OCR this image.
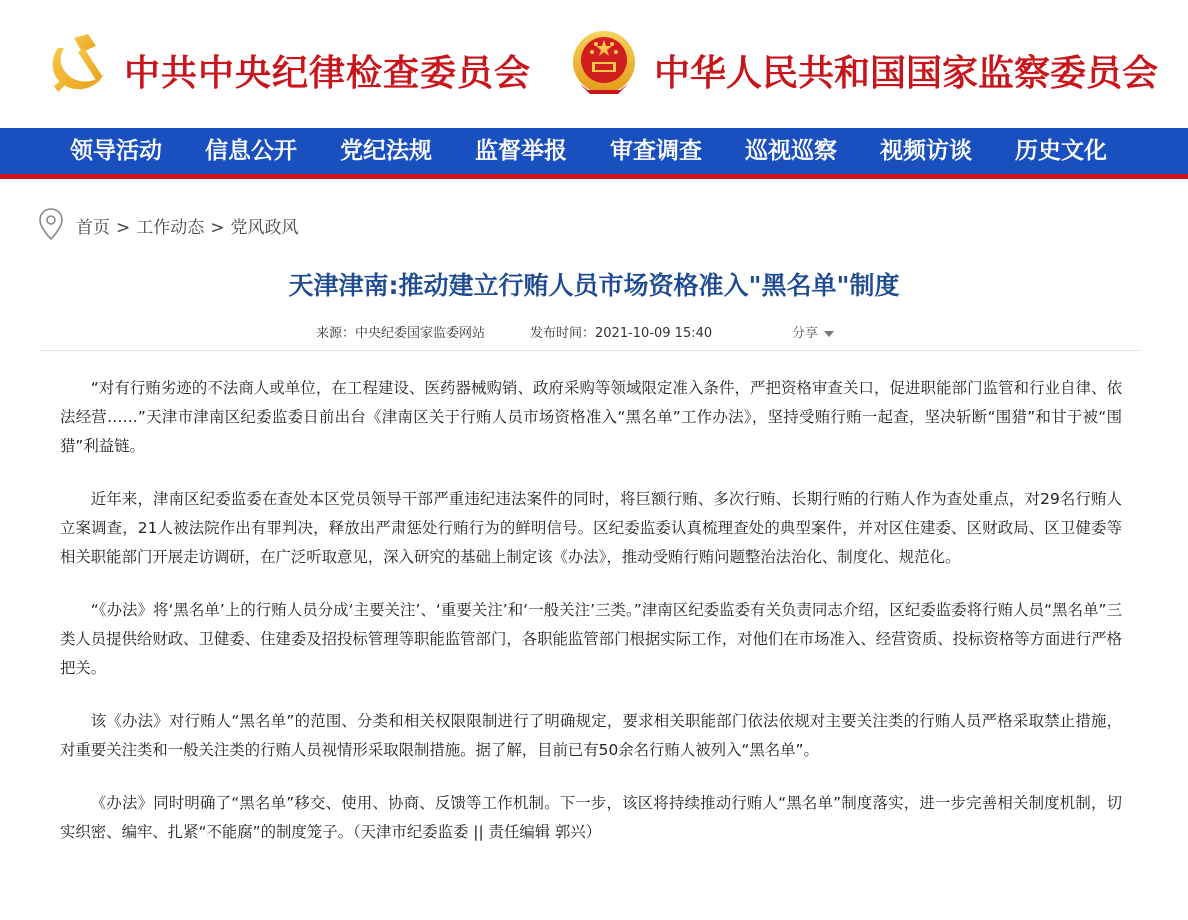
中共中央纪律检查委员会	中华人民共和国国家监察委员会
领导活动 信息公开 党纪法规 监督举报 审查调查 巡视巡察 视频访谈 历史文化
首页 > 工作动态 > 党风政风
天津津南:推动建立行贿人员市场资格准入"黑名单"制度
来源：中央纪委国家监委网站	发布时间：2021-10-09 15:40	分享

“对有行贿劣迹的不法商人或单位，在工程建设、医药器械购销、政府采购等领域限定准入条件，严把资格审查关口，促进职能部门监管和行业自律、依法经营……”天津市津南区纪委监委日前出台《津南区关于行贿人员市场资格准入“黑名单”工作办法》，坚持受贿行贿一起查，坚决斩断“围猎”和甘于被“围猎”利益链。

近年来，津南区纪委监委在查处本区党员领导干部严重违纪违法案件的同时，将巨额行贿、多次行贿、长期行贿的行贿人作为查处重点，对29名行贿人立案调查，21人被法院作出有罪判决，释放出严肃惩处行贿行为的鲜明信号。区纪委监委认真梳理查处的典型案件，并对区住建委、区财政局、区卫健委等相关职能部门开展走访调研，在广泛听取意见，深入研究的基础上制定该《办法》，推动受贿行贿问题整治法治化、制度化、规范化。

“《办法》将‘黑名单’上的行贿人员分成‘主要关注’、‘重要关注’和‘一般关注’三类。”津南区纪委监委有关负责同志介绍，区纪委监委将行贿人员“黑名单”三类人员提供给财政、卫健委、住建委及招投标管理等职能监管部门，各职能监管部门根据实际工作，对他们在市场准入、经营资质、投标资格等方面进行严格把关。

该《办法》对行贿人“黑名单”的范围、分类和相关权限限制进行了明确规定，要求相关职能部门依法依规对主要关注类的行贿人员严格采取禁止措施，对重要关注类和一般关注类的行贿人员视情形采取限制措施。据了解，目前已有50余名行贿人被列入“黑名单”。

《办法》同时明确了“黑名单”移交、使用、协商、反馈等工作机制。下一步，该区将持续推动行贿人“黑名单”制度落实，进一步完善相关制度机制，切实织密、编牢、扎紧“不能腐”的制度笼子。（天津市纪委监委 || 责任编辑 郭兴）
